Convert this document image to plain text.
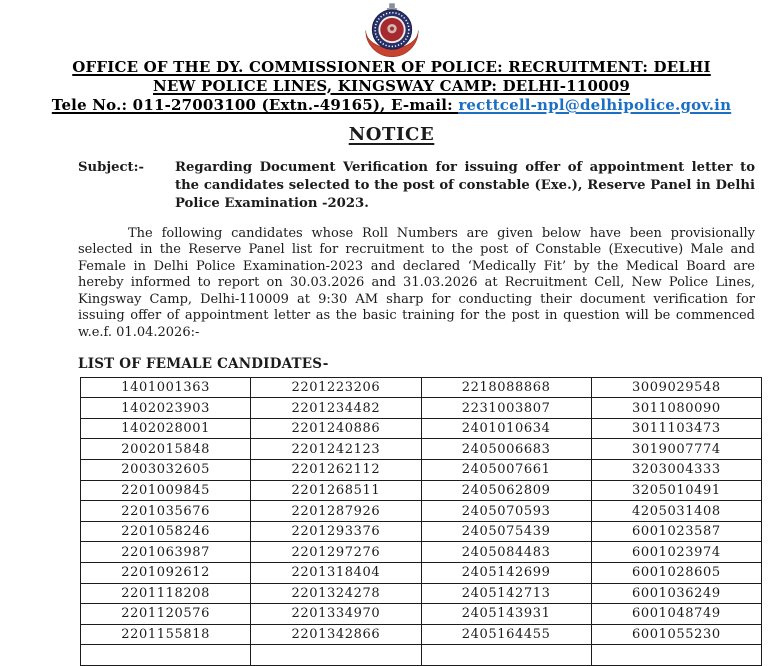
OFFICE OF THE DY. COMMISSIONER OF POLICE: RECRUITMENT: DELHI
NEW POLICE LINES, KINGSWAY CAMP: DELHI-110009
Tele No.: 011-27003100 (Extn.-49165), E-mail: recttcell-npl@delhipolice.gov.in
NOTICE
Subject:-	Regarding Document Verification for issuing offer of appointment letter to the candidates selected to the post of constable (Exe.), Reserve Panel in Delhi Police Examination -2023.
The following candidates whose Roll Numbers are given below have been provisionally selected in the Reserve Panel list for recruitment to the post of Constable (Executive) Male and Female in Delhi Police Examination-2023 and declared ‘Medically Fit’ by the Medical Board are hereby informed to report on 30.03.2026 and 31.03.2026 at Recruitment Cell, New Police Lines, Kingsway Camp, Delhi-110009 at 9:30 AM sharp for conducting their document verification for issuing offer of appointment letter as the basic training for the post in question will be commenced w.e.f. 01.04.2026:-
LIST OF FEMALE CANDIDATES-
1401001363	2201223206	2218088868	3009029548
1402023903	2201234482	2231003807	3011080090
1402028001	2201240886	2401010634	3011103473
2002015848	2201242123	2405006683	3019007774
2003032605	2201262112	2405007661	3203004333
2201009845	2201268511	2405062809	3205010491
2201035676	2201287926	2405070593	4205031408
2201058246	2201293376	2405075439	6001023587
2201063987	2201297276	2405084483	6001023974
2201092612	2201318404	2405142699	6001028605
2201118208	2201324278	2405142713	6001036249
2201120576	2201334970	2405143931	6001048749
2201155818	2201342866	2405164455	6001055230
